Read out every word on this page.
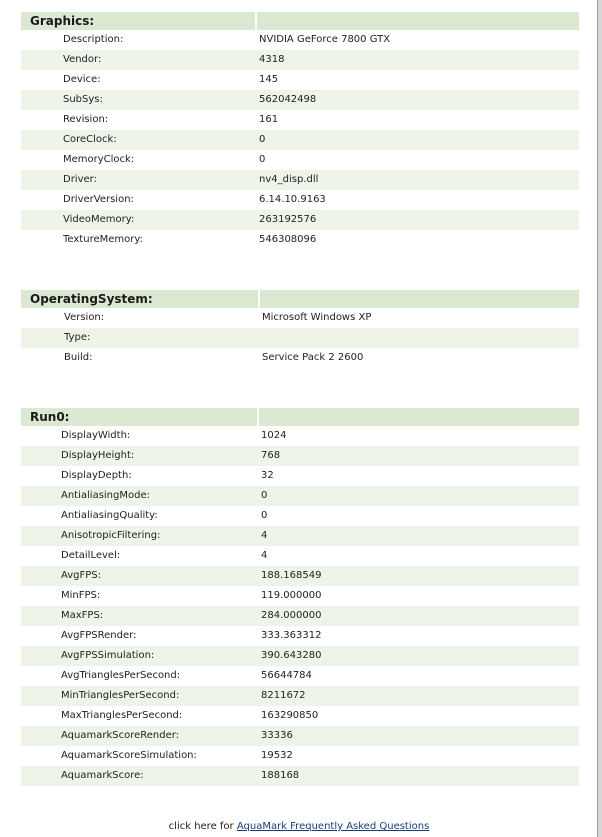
Graphics:
Description:	NVIDIA GeForce 7800 GTX
Vendor:	4318
Device:	145
SubSys:	562042498
Revision:	161
CoreClock:	0
MemoryClock:	0
Driver:	nv4_disp.dll
DriverVersion:	6.14.10.9163
VideoMemory:	263192576
TextureMemory:	546308096
OperatingSystem:
Version:	Microsoft Windows XP
Type:
Build:	Service Pack 2 2600
Run0:
DisplayWidth:	1024
DisplayHeight:	768
DisplayDepth:	32
AntialiasingMode:	0
AntialiasingQuality:	0
AnisotropicFiltering:	4
DetailLevel:	4
AvgFPS:	188.168549
MinFPS:	119.000000
MaxFPS:	284.000000
AvgFPSRender:	333.363312
AvgFPSSimulation:	390.643280
AvgTrianglesPerSecond:	56644784
MinTrianglesPerSecond:	8211672
MaxTrianglesPerSecond:	163290850
AquamarkScoreRender:	33336
AquamarkScoreSimulation:	19532
AquamarkScore:	188168
click here for AquaMark Frequently Asked Questions
